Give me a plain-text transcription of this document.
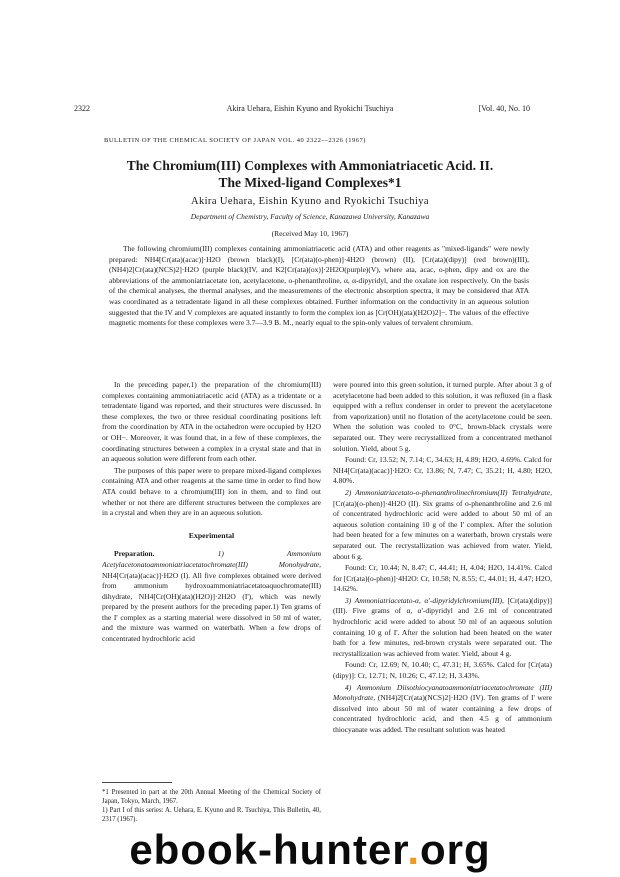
2322	Akira Uehara, Eishin Kyuno and Ryokichi Tsuchiya	[Vol. 40, No. 10
BULLETIN OF THE CHEMICAL SOCIETY OF JAPAN VOL. 40 2322—2326 (1967)
The Chromium(III) Complexes with Ammoniatriacetic Acid. II.
The Mixed-ligand Complexes*1
Akira Uehara, Eishin Kyuno and Ryokichi Tsuchiya
Department of Chemistry, Faculty of Science, Kanazawa University, Kanazawa
(Received May 10, 1967)
The following chromium(III) complexes containing ammoniatriacetic acid (ATA) and other reagents as "mixed-ligands" were newly prepared: NH4[Cr(ata)(acac)]·H2O (brown black)(I), [Cr(ata)(o-phen)]·4H2O (brown) (II), [Cr(ata)(dipy)] (red brown)(III), (NH4)2[Cr(ata)(NCS)2]·H2O (purple black)(IV, and K2[Cr(ata)(ox)]·2H2O(purple)(V), where ata, acac, o-phen, dipy and ox are the abbreviations of the ammoniatriacetate ion, acetylacetone, o-phenanthroline, α, α-dipyridyl, and the oxalate ion respectively. On the basis of the chemical analyses, the thermal analyses, and the measurements of the electronic absorption spectra, it may be considered that ATA was coordinated as a tetradentate ligand in all these complexes obtained. Further information on the conductivity in an aqueous solution suggested that the IV and V complexes are aquated instantly to form the complex ion as [Cr(OH)(ata)(H2O)2]−. The values of the effective magnetic moments for these complexes were 3.7—3.9 B. M., nearly equal to the spin-only values of tervalent chromium.

In the preceding paper,1) the preparation of the chromium(III) complexes containing ammoniatriacetic acid (ATA) as a tridentate or a tetradentate ligand was reported, and their structures were discussed. In these complexes, the two or three residual coordinating positions left from the coordination by ATA in the octahedron were occupied by H2O or OH−. Moreover, it was found that, in a few of these complexes, the coordinating structures between a complex in a crystal state and that in an aqueous solution were different from each other.

The purposes of this paper were to prepare mixed-ligand complexes containing ATA and other reagents at the same time in order to find how ATA could behave to a chromium(III) ion in them, and to find out whether or not there are different structures between the complexes are in a crystal and when they are in an aqueous solution.

Experimental

Preparation.	1) Ammonium Acetylacetonatoammoniatriacetatochromate(III) Monohydrate, NH4[Cr(ata)(acac)]·H2O (I). All five complexes obtained were derived from ammonium hydroxoammoniatriacetatoaquochromate(III) dihydrate, NH4[Cr(OH)(ata)(H2O)]·2H2O (I'), which was newly prepared by the present authors for the preceding paper.1) Ten grams of the I' complex as a starting material were dissolved in 50 ml of water, and the mixture was warmed on waterbath. When a few drops of concentrated hydrochloric acid

were poured into this green solution, it turned purple. After about 3 g of acetylacetone had been added to this solution, it was refluxed (in a flask equipped with a reflux condenser in order to prevent the acetylacetone from vaporization) until no flotation of the acetylacetone could be seen. When the solution was cooled to 0°C, brown-black crystals were separated out. They were recrystallized from a concentrated methanol solution. Yield, about 5 g.

Found: Cr, 13.52; N, 7.14; C, 34.63; H, 4.89; H2O, 4.69%. Calcd for NH4[Cr(ata)(acac)]·H2O: Cr, 13.86; N, 7.47; C, 35.21; H, 4.80; H2O, 4.80%.

2) Ammoniatriacetato-o-phenanthrolinechromium(II) Tetrahydrate, [Cr(ata)(o-phen)]·4H2O (II). Six grams of o-phenanthroline and 2.6 ml of concentrated hydrochloric acid were added to about 50 ml of an aqueous solution containing 10 g of the I' complex. After the solution had been heated for a few minutes on a waterbath, brown crystals were separated out. The recrystallization was achieved from water. Yield, about 6 g.

Found: Cr, 10.44; N, 8.47; C, 44.41; H, 4.04; H2O, 14.41%. Calcd for [Cr(ata)(o-phen)]·4H2O: Cr, 10.58; N, 8.55; C, 44.01; H, 4.47; H2O, 14.62%.

3) Ammoniatriacetato-α, α'-dipyridylchromium(III), [Cr(ata)(dipy)] (III). Five grams of α, α'-dipyridyl and 2.6 ml of concentrated hydrochloric acid were added to about 50 ml of an aqueous solution containing 10 g of I'. After the solution had been heated on the water bath for a few minutes, red-brown crystals were separated out. The recrystallization was achieved from water. Yield, about 4 g.

Found: Cr, 12.69; N, 10.40; C, 47.31; H, 3.65%. Calcd for [Cr(ata)(dipy)]: Cr, 12.71; N, 10.26; C, 47.12; H, 3.43%.

4) Ammonium Diisothiocyanatoammoniatriacetatochromate (III) Monohydrate, (NH4)2[Cr(ata)(NCS)2]·H2O (IV). Ten grams of I' were dissolved into about 50 ml of water containing a few drops of concentrated hydrochloric acid, and then 4.5 g of ammonium thiocyanate was added. The resultant solution was heated

*1 Presented in part at the 20th Annual Meeting of the Chemical Society of Japan, Tokyo, March, 1967.
1) Part I of this series: A. Uehara, E. Kyuno and R. Tsuchiya, This Bulletin, 40, 2317 (1967).
ebook-hunter.org
